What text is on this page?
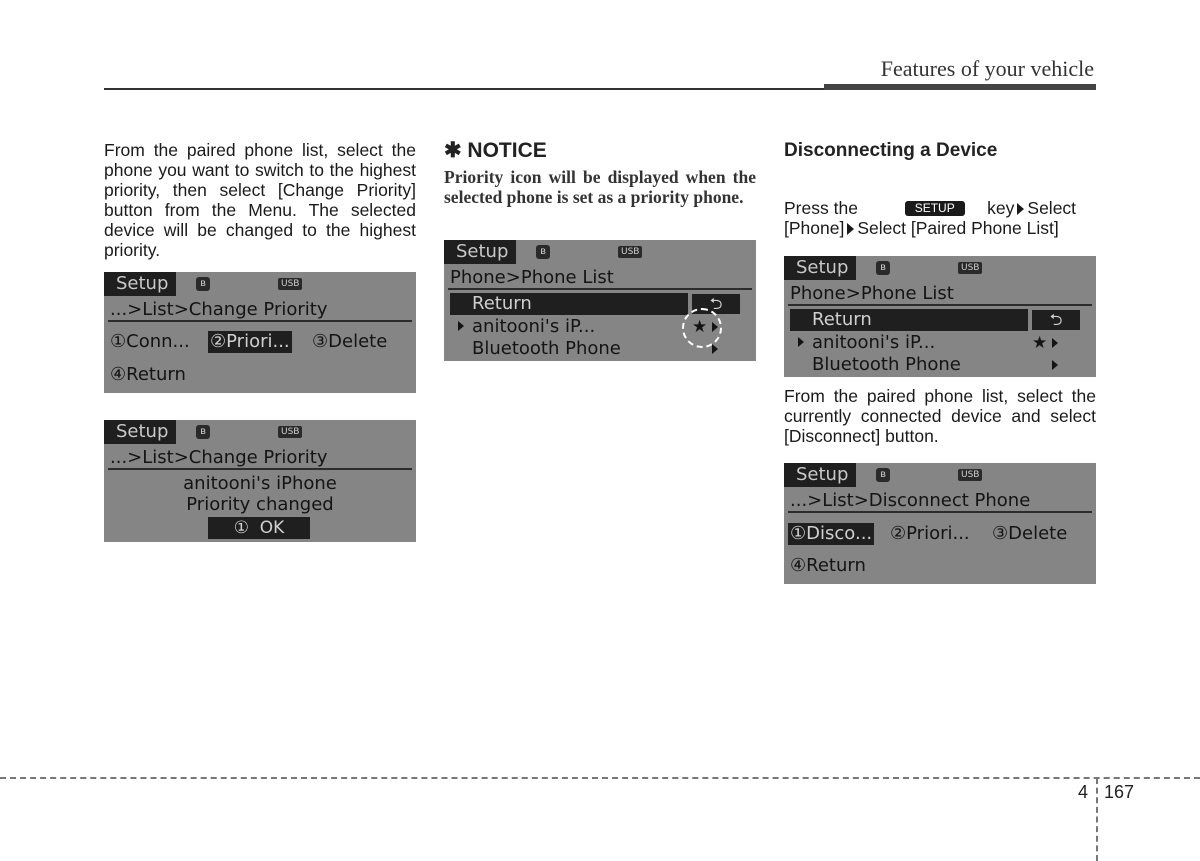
Features of your vehicle

From the paired phone list, select the phone you want to switch to the highest priority, then select [Change Priority] button from the Menu. The selected device will be changed to the highest priority.

Setup	ʙ	USB
...>List>Change Priority
①Conn... ②Priori... ③Delete
④Return
Setup	ʙ	USB
...>List>Change Priority
anitooni's iPhone
Priority changed
① OK
✱ NOTICE

Priority icon will be displayed when the selected phone is set as a priority phone.

Setup	ʙ	USB
Phone>Phone List
Return	⮌
anitooni's iP...	★
Bluetooth Phone
Disconnecting a Device

Press the	SETUP key Select
[Phone] Select [Paired Phone List]

Setup	ʙ	USB
Phone>Phone List
Return	⮌
anitooni's iP...	★
Bluetooth Phone

From the paired phone list, select the currently connected device and select [Disconnect] button.

Setup	ʙ	USB
...>List>Disconnect Phone
①Disco... ②Priori... ③Delete
④Return
4 167
